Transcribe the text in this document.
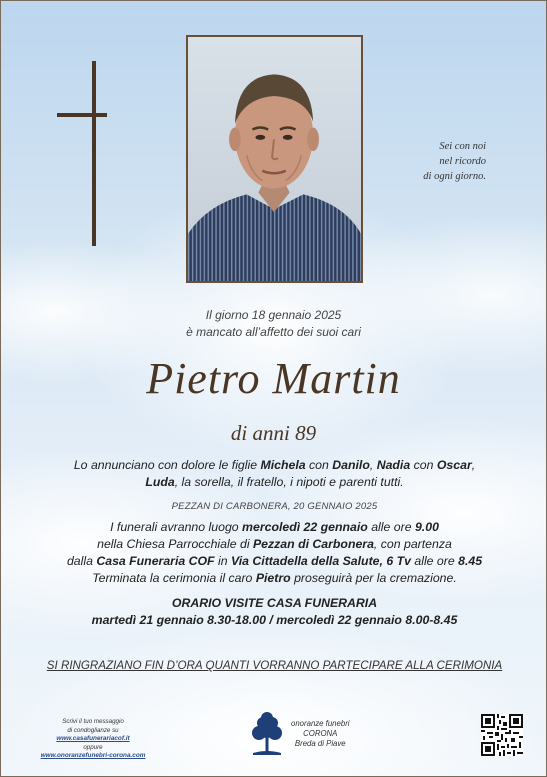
Sei con noi
nel ricordo
di ogni giorno.
Il giorno 18 gennaio 2025
è mancato all’affetto dei suoi cari
Pietro Martin
di anni 89
Lo annunciano con dolore le figlie Michela con Danilo, Nadia con Oscar,
Luda, la sorella, il fratello, i nipoti e parenti tutti.
PEZZAN DI CARBONERA, 20 GENNAIO 2025
I funerali avranno luogo mercoledì 22 gennaio alle ore 9.00
nella Chiesa Parrocchiale di Pezzan di Carbonera, con partenza
dalla Casa Funeraria COF in Via Cittadella della Salute, 6 Tv alle ore 8.45
Terminata la cerimonia il caro Pietro proseguirà per la cremazione.
ORARIO VISITE CASA FUNERARIA
martedì 21 gennaio 8.30-18.00 / mercoledì 22 gennaio 8.00-8.45
SI RINGRAZIANO FIN D’ORA QUANTI VORRANNO PARTECIPARE ALLA CERIMONIA
Scrivi il tuo messaggio
di condoglianze su
www.casafunerariacof.it
oppure
www.onoranzefunebri-corona.com
onoranze funebri
CORONA
Breda di Piave
